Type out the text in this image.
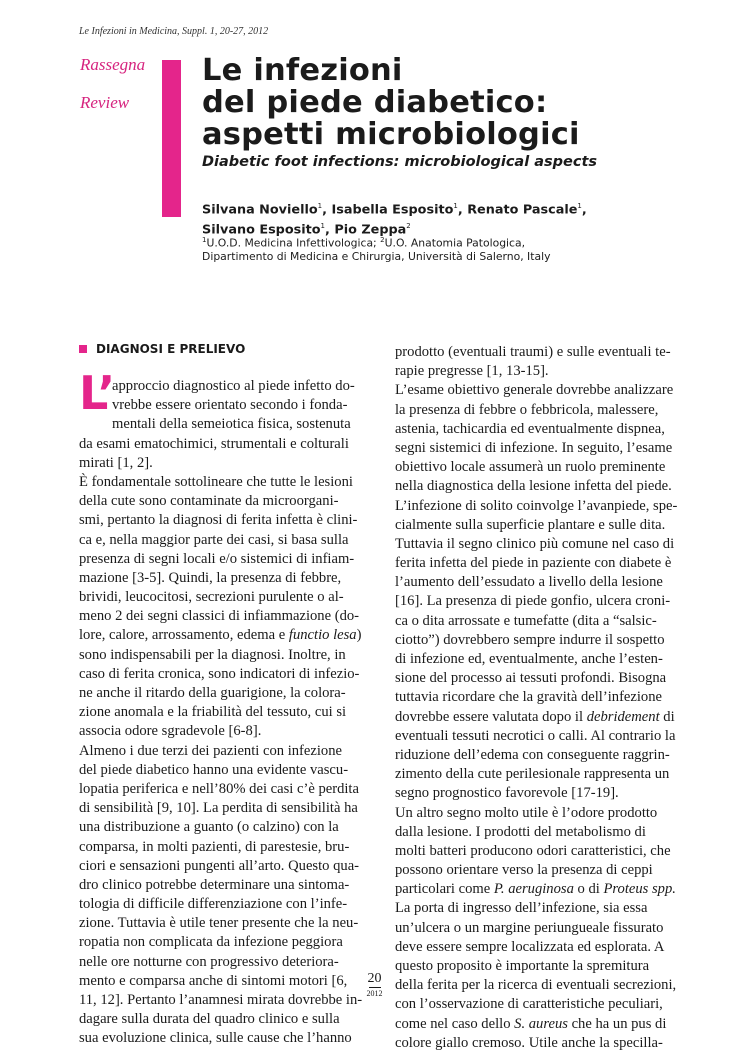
Le Infezioni in Medicina, Suppl. 1, 20-27, 2012
Rassegna
Review
Le infezioni
del piede diabetico:
aspetti microbiologici
Diabetic foot infections: microbiological aspects
Silvana Noviello$^1$, Isabella Esposito$^1$, Renato Pascale$^1$,
Silvano Esposito$^1$, Pio Zeppa$^2$
$^1$U.O.D. Medicina Infettivologica; $^2$U.O. Anatomia Patologica,
Dipartimento di Medicina e Chirurgia, Università di Salerno, Italy
DIAGNOSI E PRELIEVO
L’
approccio diagnostico al piede infetto do-
vrebbe essere orientato secondo i fonda-
mentali della semeiotica fisica, sostenuta
da esami ematochimici, strumentali e colturali
mirati [1, 2].
È fondamentale sottolineare che tutte le lesioni
della cute sono contaminate da microorgani-
smi, pertanto la diagnosi di ferita infetta è clini-
ca e, nella maggior parte dei casi, si basa sulla
presenza di segni locali e/o sistemici di infiam-
mazione [3-5]. Quindi, la presenza di febbre,
brividi, leucocitosi, secrezioni purulente o al-
meno 2 dei segni classici di infiammazione (do-
lore, calore, arrossamento, edema e functio lesa)
sono indispensabili per la diagnosi. Inoltre, in
caso di ferita cronica, sono indicatori di infezio-
ne anche il ritardo della guarigione, la colora-
zione anomala e la friabilità del tessuto, cui si
associa odore sgradevole [6-8].
Almeno i due terzi dei pazienti con infezione
del piede diabetico hanno una evidente vascu-
lopatia periferica e nell’80% dei casi c’è perdita
di sensibilità [9, 10]. La perdita di sensibilità ha
una distribuzione a guanto (o calzino) con la
comparsa, in molti pazienti, di parestesie, bru-
ciori e sensazioni pungenti all’arto. Questo qua-
dro clinico potrebbe determinare una sintoma-
tologia di difficile differenziazione con l’infe-
zione. Tuttavia è utile tener presente che la neu-
ropatia non complicata da infezione peggiora
nelle ore notturne con progressivo deteriora-
mento e comparsa anche di sintomi motori [6,
11, 12]. Pertanto l’anamnesi mirata dovrebbe in-
dagare sulla durata del quadro clinico e sulla
sua evoluzione clinica, sulle cause che l’hanno
prodotto (eventuali traumi) e sulle eventuali te-
rapie pregresse [1, 13-15].
L’esame obiettivo generale dovrebbe analizzare
la presenza di febbre o febbricola, malessere,
astenia, tachicardia ed eventualmente dispnea,
segni sistemici di infezione. In seguito, l’esame
obiettivo locale assumerà un ruolo preminente
nella diagnostica della lesione infetta del piede.
L’infezione di solito coinvolge l’avanpiede, spe-
cialmente sulla superficie plantare e sulle dita.
Tuttavia il segno clinico più comune nel caso di
ferita infetta del piede in paziente con diabete è
l’aumento dell’essudato a livello della lesione
[16]. La presenza di piede gonfio, ulcera croni-
ca o dita arrossate e tumefatte (dita a “salsic-
ciotto”) dovrebbero sempre indurre il sospetto
di infezione ed, eventualmente, anche l’esten-
sione del processo ai tessuti profondi. Bisogna
tuttavia ricordare che la gravità dell’infezione
dovrebbe essere valutata dopo il debridement di
eventuali tessuti necrotici o calli. Al contrario la
riduzione dell’edema con conseguente raggrin-
zimento della cute perilesionale rappresenta un
segno prognostico favorevole [17-19].
Un altro segno molto utile è l’odore prodotto
dalla lesione. I prodotti del metabolismo di
molti batteri producono odori caratteristici, che
possono orientare verso la presenza di ceppi
particolari come P. aeruginosa o di Proteus spp.
La porta di ingresso dell’infezione, sia essa
un’ulcera o un margine periungueale fissurato
deve essere sempre localizzata ed esplorata. A
questo proposito è importante la spremitura
della ferita per la ricerca di eventuali secrezioni,
con l’osservazione di caratteristiche peculiari,
come nel caso dello S. aureus che ha un pus di
colore giallo cremoso. Utile anche la specilla-
20
2012
